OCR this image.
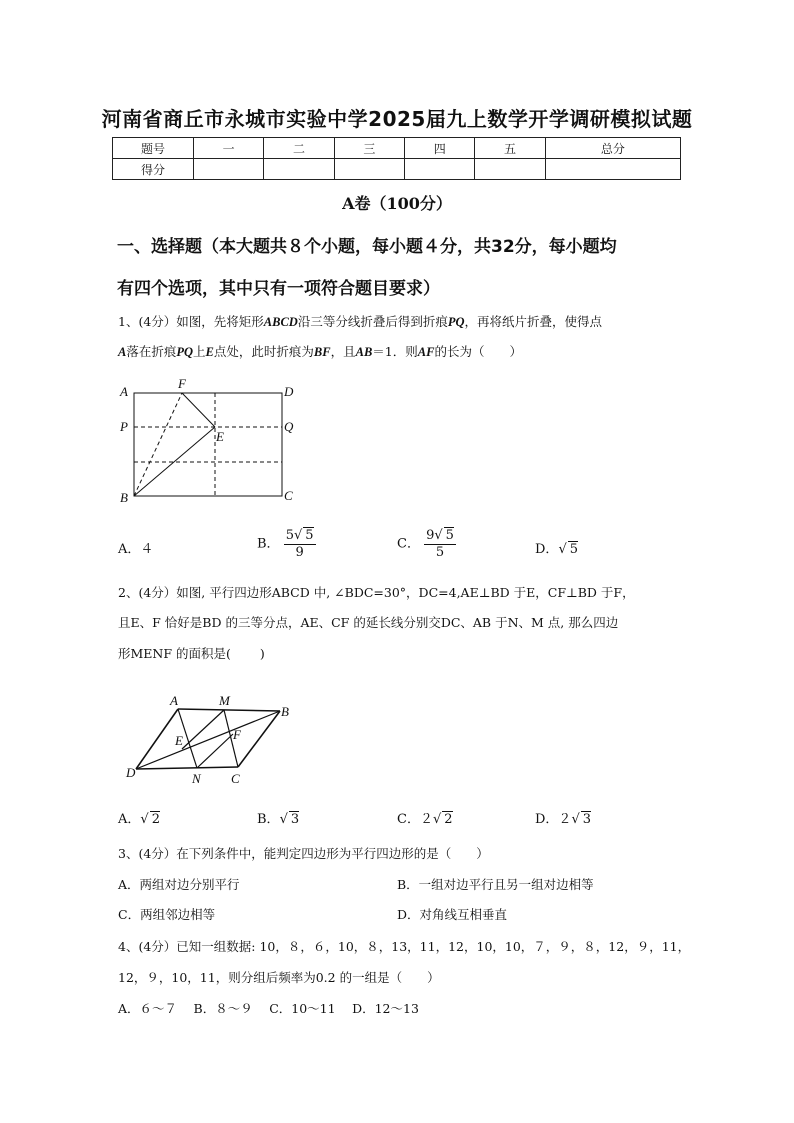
河南省商丘市永城市实验中学2025届九上数学开学调研模拟试题
题号	一	二	三	四	五	总分
得分						
A卷（100分）
一、选择题（本大题共８个小题，每小题４分，共32分，每小题均
有四个选项，其中只有一项符合题目要求）
1、(4分）如图，先将矩形ABCD沿三等分线折叠后得到折痕PQ，再将纸片折叠，使得点
A落在折痕PQ上E点处，此时折痕为BF，且AB＝1．则AF的长为（　　）
A
F
D
P	Q
E
B	C
A．４	B． $\frac{5√ 5}{9}$	C． $\frac{9√ 5}{5}$	D．√ 5
2、(4分）如图, 平行四边形ABCD 中, ∠BDC=30°，DC=4,AE⊥BD 于E，CF⊥BD 于F，
且E、F 恰好是BD 的三等分点，AE、CF 的延长线分别交DC、AB 于N、M 点, 那么四边
形MENF 的面积是(　　 )
A	M
B
E	F
D	N C
A．√ 2	B．√ 3	C．２√ 2	D．２√ 3
3、(4分）在下列条件中，能判定四边形为平行四边形的是（　　）
A．两组对边分别平行	B．一组对边平行且另一组对边相等
C．两组邻边相等	D．对角线互相垂直
4、(4分）已知一组数据: 10，８，６，10，８，13，11，12，10，10，７，９，８，12，９，11，
12，９，10，11，则分组后频率为0.2 的一组是（　　）
A．６～７　 B．８～９　 C．10～11　 D．12～13
